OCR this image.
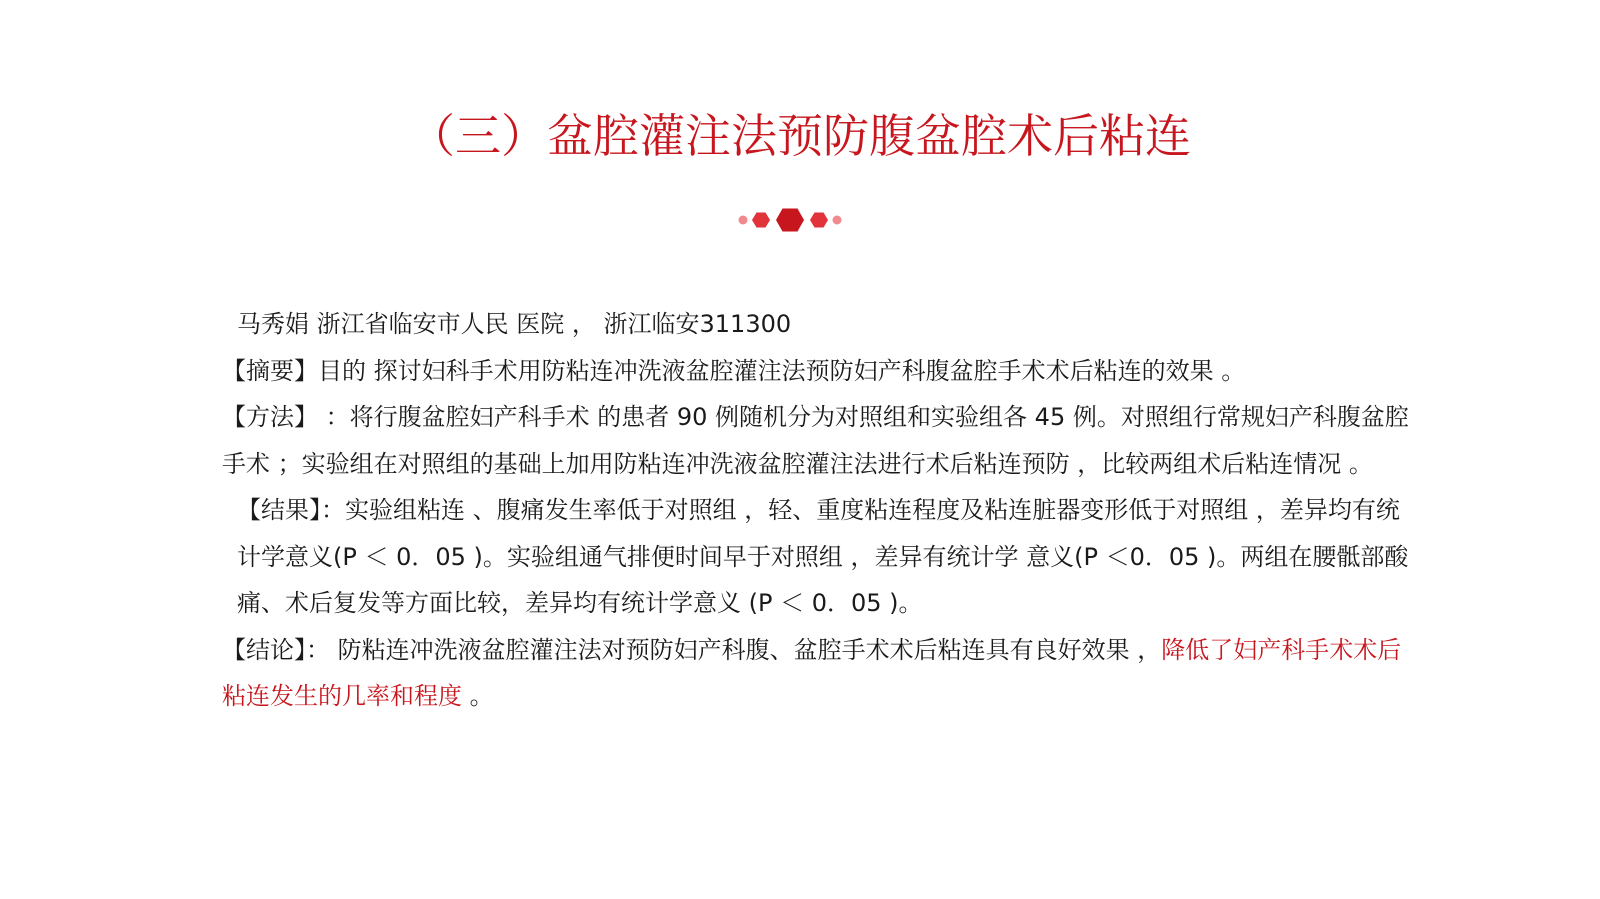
（三）盆腔灌注法预防腹盆腔术后粘连

马秀娟 浙江省临安市人民 医院 ， 浙江临安311300

【摘要】目的 探讨妇科手术用防粘连冲洗液盆腔灌注法预防妇产科腹盆腔手术术后粘连的效果 。

【方法】 ：将行腹盆腔妇产科手术 的患者 90 例随机分为对照组和实验组各 45 例。对照组行常规妇产科腹盆腔手术 ；实验组在对照组的基础上加用防粘连冲洗液盆腔灌注法进行术后粘连预防 ，比较两组术后粘连情况 。

【结果】：实验组粘连 、腹痛发生率低于对照组 ，轻、重度粘连程度及粘连脏器变形低于对照组 ，差异均有统计学意义(P ＜ 0．05 )。实验组通气排便时间早于对照组 ，差异有统计学 意义(P ＜0．05 )。两组在腰骶部酸痛、术后复发等方面比较，差异均有统计学意义 (P ＜ 0．05 )。

【结论】： 防粘连冲洗液盆腔灌注法对预防妇产科腹、盆腔手术术后粘连具有良好效果 ，降低了妇产科手术术后粘连发生的几率和程度 。
